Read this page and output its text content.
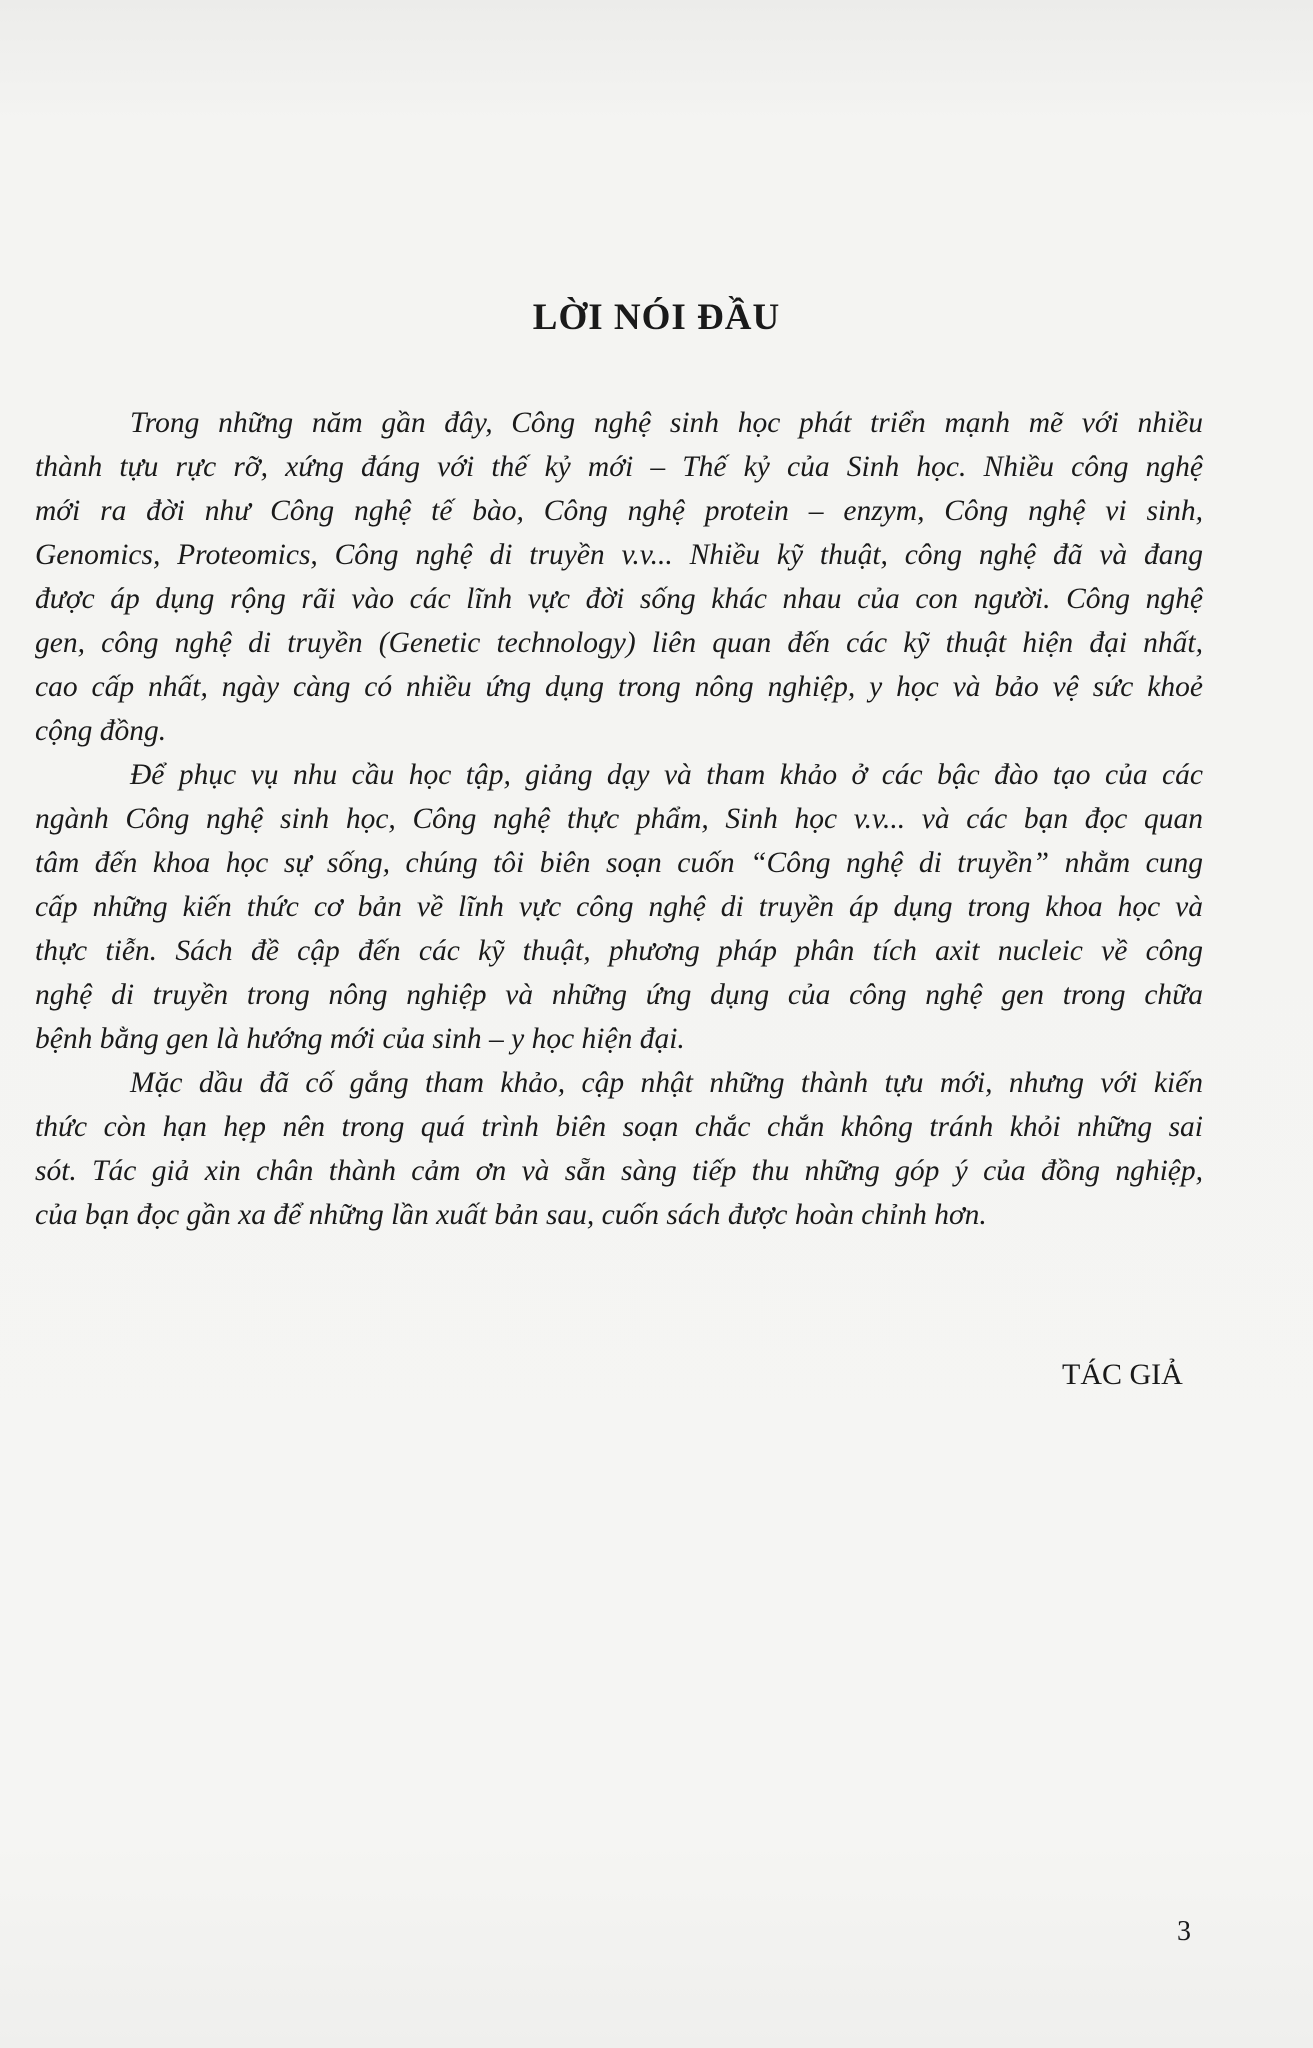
LỜI NÓI ĐẦU

Trong những năm gần đây, Công nghệ sinh học phát triển mạnh mẽ với nhiều
thành tựu rực rỡ, xứng đáng với thế kỷ mới – Thế kỷ của Sinh học. Nhiều công nghệ
mới ra đời như Công nghệ tế bào, Công nghệ protein – enzym, Công nghệ vi sinh,
Genomics, Proteomics, Công nghệ di truyền v.v... Nhiều kỹ thuật, công nghệ đã và đang
được áp dụng rộng rãi vào các lĩnh vực đời sống khác nhau của con người. Công nghệ
gen, công nghệ di truyền (Genetic technology) liên quan đến các kỹ thuật hiện đại nhất,
cao cấp nhất, ngày càng có nhiều ứng dụng trong nông nghiệp, y học và bảo vệ sức khoẻ
cộng đồng.

Để phục vụ nhu cầu học tập, giảng dạy và tham khảo ở các bậc đào tạo của các
ngành Công nghệ sinh học, Công nghệ thực phẩm, Sinh học v.v... và các bạn đọc quan
tâm đến khoa học sự sống, chúng tôi biên soạn cuốn “Công nghệ di truyền” nhằm cung
cấp những kiến thức cơ bản về lĩnh vực công nghệ di truyền áp dụng trong khoa học và
thực tiễn. Sách đề cập đến các kỹ thuật, phương pháp phân tích axit nucleic về công
nghệ di truyền trong nông nghiệp và những ứng dụng của công nghệ gen trong chữa
bệnh bằng gen là hướng mới của sinh – y học hiện đại.

Mặc dầu đã cố gắng tham khảo, cập nhật những thành tựu mới, nhưng với kiến
thức còn hạn hẹp nên trong quá trình biên soạn chắc chắn không tránh khỏi những sai
sót. Tác giả xin chân thành cảm ơn và sẵn sàng tiếp thu những góp ý của đồng nghiệp,
của bạn đọc gần xa để những lần xuất bản sau, cuốn sách được hoàn chỉnh hơn.

TÁC GIẢ
3
